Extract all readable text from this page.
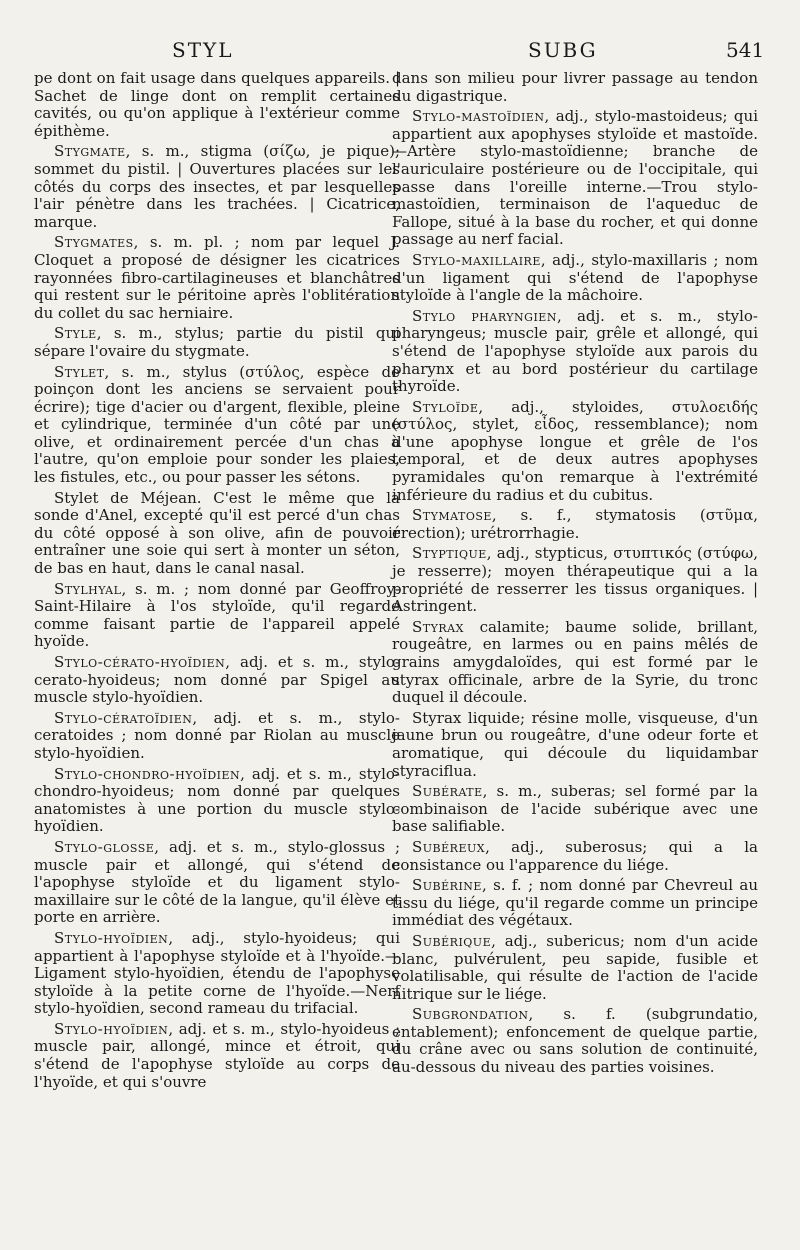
STYL	SUBG	541

pe dont on fait usage dans quelques appareils. | Sachet de linge dont on remplit certaines cavités, ou qu'on applique à l'extérieur comme épithème.

Stygmate, s. m., stigma (σίζω, je pique); sommet du pistil. | Ouvertures placées sur les côtés du corps des insectes, et par lesquelles l'air pénètre dans les trachées. | Cicatrice, marque.

Stygmates, s. m. pl. ; nom par lequel J. Cloquet a proposé de désigner les cicatrices rayonnées fibro-cartilagineuses et blanchâtres qui restent sur le péritoine après l'oblitération du collet du sac herniaire.

Style, s. m., stylus; partie du pistil qui sépare l'ovaire du stygmate.

Stylet, s. m., stylus (στύλος, espèce de poinçon dont les anciens se servaient pour écrire); tige d'acier ou d'argent, flexible, pleine et cylindrique, terminée d'un côté par une olive, et ordinairement percée d'un chas à l'autre, qu'on emploie pour sonder les plaies, les fistules, etc., ou pour passer les sétons.

Stylet de Méjean. C'est le même que la sonde d'Anel, excepté qu'il est percé d'un chas du côté opposé à son olive, afin de pouvoir entraîner une soie qui sert à monter un séton, de bas en haut, dans le canal nasal.

Stylhyal, s. m. ; nom donné par Geoffroy-Saint-Hilaire à l'os styloïde, qu'il regarde comme faisant partie de l'appareil appelé hyoïde.

Stylo-cérato-hyoïdien, adj. et s. m., stylo-cerato-hyoideus; nom donné par Spigel au muscle stylo-hyoïdien.

Stylo-cératoïdien, adj. et s. m., stylo-ceratoides ; nom donné par Riolan au muscle stylo-hyoïdien.

Stylo-chondro-hyoïdien, adj. et s. m., stylo-chondro-hyoideus; nom donné par quelques anatomistes à une portion du muscle stylo-hyoïdien.

Stylo-glosse, adj. et s. m., stylo-glossus ; muscle pair et allongé, qui s'étend de l'apophyse styloïde et du ligament stylo-maxillaire sur le côté de la langue, qu'il élève et porte en arrière.

Stylo-hyoïdien, adj., stylo-hyoideus; qui appartient à l'apophyse styloïde et à l'hyoïde.—Ligament stylo-hyoïdien, étendu de l'apophyse styloïde à la petite corne de l'hyoïde.—Nerf stylo-hyoïdien, second rameau du trifacial.

Stylo-hyoïdien, adj. et s. m., stylo-hyoideus ; muscle pair, allongé, mince et étroit, qui s'étend de l'apophyse styloïde au corps de l'hyoïde, et qui s'ouvre

dans son milieu pour livrer passage au tendon du digastrique.

Stylo-mastoïdien, adj., stylo-mastoideus; qui appartient aux apophyses styloïde et mastoïde.—Artère stylo-mastoïdienne; branche de l'auriculaire postérieure ou de l'occipitale, qui passe dans l'oreille interne.—Trou stylo-mastoïdien, terminaison de l'aqueduc de Fallope, situé à la base du rocher, et qui donne passage au nerf facial.

Stylo-maxillaire, adj., stylo-maxillaris ; nom d'un ligament qui s'étend de l'apophyse styloïde à l'angle de la mâchoire.

Stylo pharyngien, adj. et s. m., stylo-pharyngeus; muscle pair, grêle et allongé, qui s'étend de l'apophyse styloïde aux parois du pharynx et au bord postérieur du cartilage thyroïde.

Styloïde, adj., styloides, στυλοειδής (στύλος, stylet, εἶδος, ressemblance); nom d'une apophyse longue et grêle de l'os temporal, et de deux autres apophyses pyramidales qu'on remarque à l'extrémité inférieure du radius et du cubitus.

Stymatose, s. f., stymatosis (στῦμα, érection); urétrorrhagie.

Styptique, adj., stypticus, στυπτικός (στύφω, je resserre); moyen thérapeutique qui a la propriété de resserrer les tissus organiques. | Astringent.

Styrax calamite; baume solide, brillant, rougeâtre, en larmes ou en pains mêlés de grains amygdaloïdes, qui est formé par le styrax officinale, arbre de la Syrie, du tronc duquel il découle.

Styrax liquide; résine molle, visqueuse, d'un jaune brun ou rougeâtre, d'une odeur forte et aromatique, qui découle du liquidambar styraciflua.

Subérate, s. m., suberas; sel formé par la combinaison de l'acide subérique avec une base salifiable.

Subéreux, adj., suberosus; qui a la consistance ou l'apparence du liége.

Subérine, s. f. ; nom donné par Chevreul au tissu du liége, qu'il regarde comme un principe immédiat des végétaux.

Subérique, adj., subericus; nom d'un acide blanc, pulvérulent, peu sapide, fusible et volatilisable, qui résulte de l'action de l'acide nitrique sur le liége.

Subgrondation, s. f. (subgrundatio, entablement); enfoncement de quelque partie, du crâne avec ou sans solution de continuité, au-dessous du niveau des parties voisines.
